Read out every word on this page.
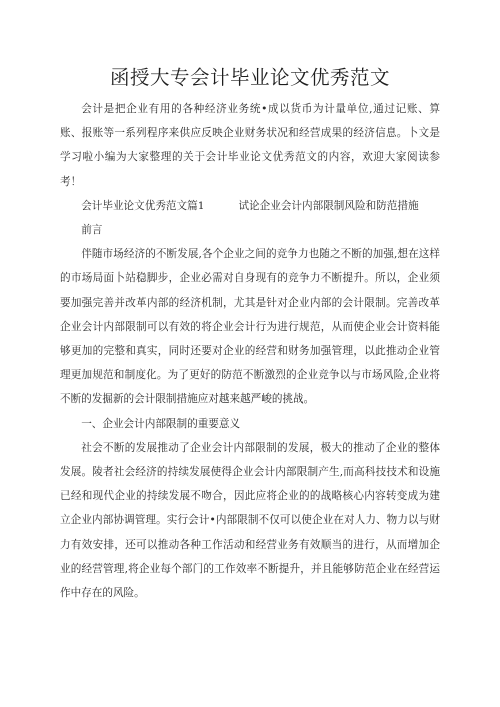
函授大专会计毕业论文优秀范文

会计是把企业有用的各种经济业务统•成以货币为计量单位,通过记账、算账、报账等一系列程序来供应反映企业财务状况和经营成果的经济信息。卜文是学习啦小编为大家整理的关于会计毕业论文优秀范文的内容，欢迎大家阅读参考！

会计毕业论文优秀范文篇1	试论企业会计内部限制风险和防范措施

前言

伴随市场经济的不断发展,各个企业之间的竞争力也随之不断的加强,想在这样的市场局面卜站稳脚步，企业必需对自身现有的竞争力不断提升。所以，企业须要加强完善并改革内部的经济机制，尤其是针对企业内部的会计限制。完善改革企业会计内部限制可以有效的将企业会计行为进行规范，从而使企业会计资料能够更加的完整和真实，同时还要对企业的经营和财务加强管理，以此推动企业管理更加规范和制度化。为了更好的防范不断激烈的企业竞争以与市场风险,企业将不断的发掘新的会计限制措施应对越来越严峻的挑战。

一、企业会计内部限制的重要意义

社会不断的发展推动了企业会计内部限制的发展，极大的推动了企业的整体发展。陵者社会经济的持续发展使得企业会计内部限制产生,而高科技技术和设施已经和现代企业的持续发展不吻合，因此应将企业的的战略核心内容转变成为建立企业内部协调管理。实行会计•内部限制不仅可以使企业在对人力、物力以与财力有效安排，还可以推动各种工作活动和经营业务有效顺当的进行，从而增加企业的经营管理,将企业每个部门的工作效率不断提升，并且能够防范企业在经营运作中存在的风险。
